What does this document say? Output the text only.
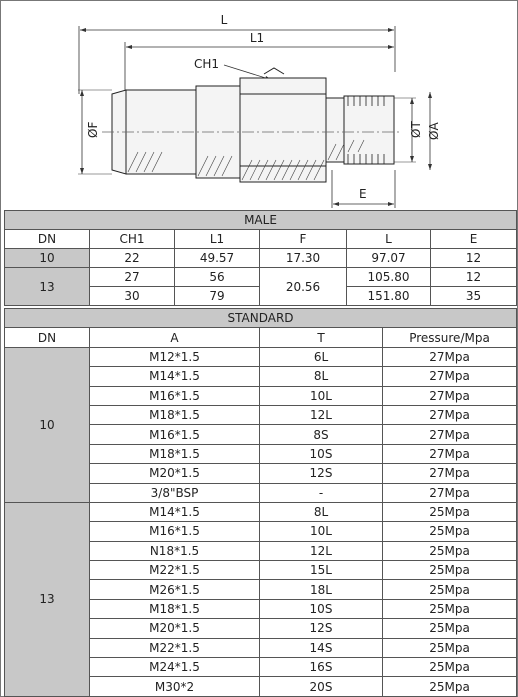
L
L1
CH1
ØF	ØT ØA
E
MALE					
DN	CH1	L1	F	L	E
10	22	49.57	17.30	97.07	12
13	27	56	20.56	105.80	12
	30	79		151.80	35
STANDARD			
DN	A	T	Pressure/Mpa
10	M12*1.5	6L	27Mpa
	M14*1.5	8L	27Mpa
	M16*1.5	10L	27Mpa
	M18*1.5	12L	27Mpa
	M16*1.5	8S	27Mpa
	M18*1.5	10S	27Mpa
	M20*1.5	12S	27Mpa
	3/8"BSP	-	27Mpa
13	M14*1.5	8L	25Mpa
	M16*1.5	10L	25Mpa
	N18*1.5	12L	25Mpa
	M22*1.5	15L	25Mpa
	M26*1.5	18L	25Mpa
	M18*1.5	10S	25Mpa
	M20*1.5	12S	25Mpa
	M22*1.5	14S	25Mpa
	M24*1.5	16S	25Mpa
	M30*2	20S	25Mpa
